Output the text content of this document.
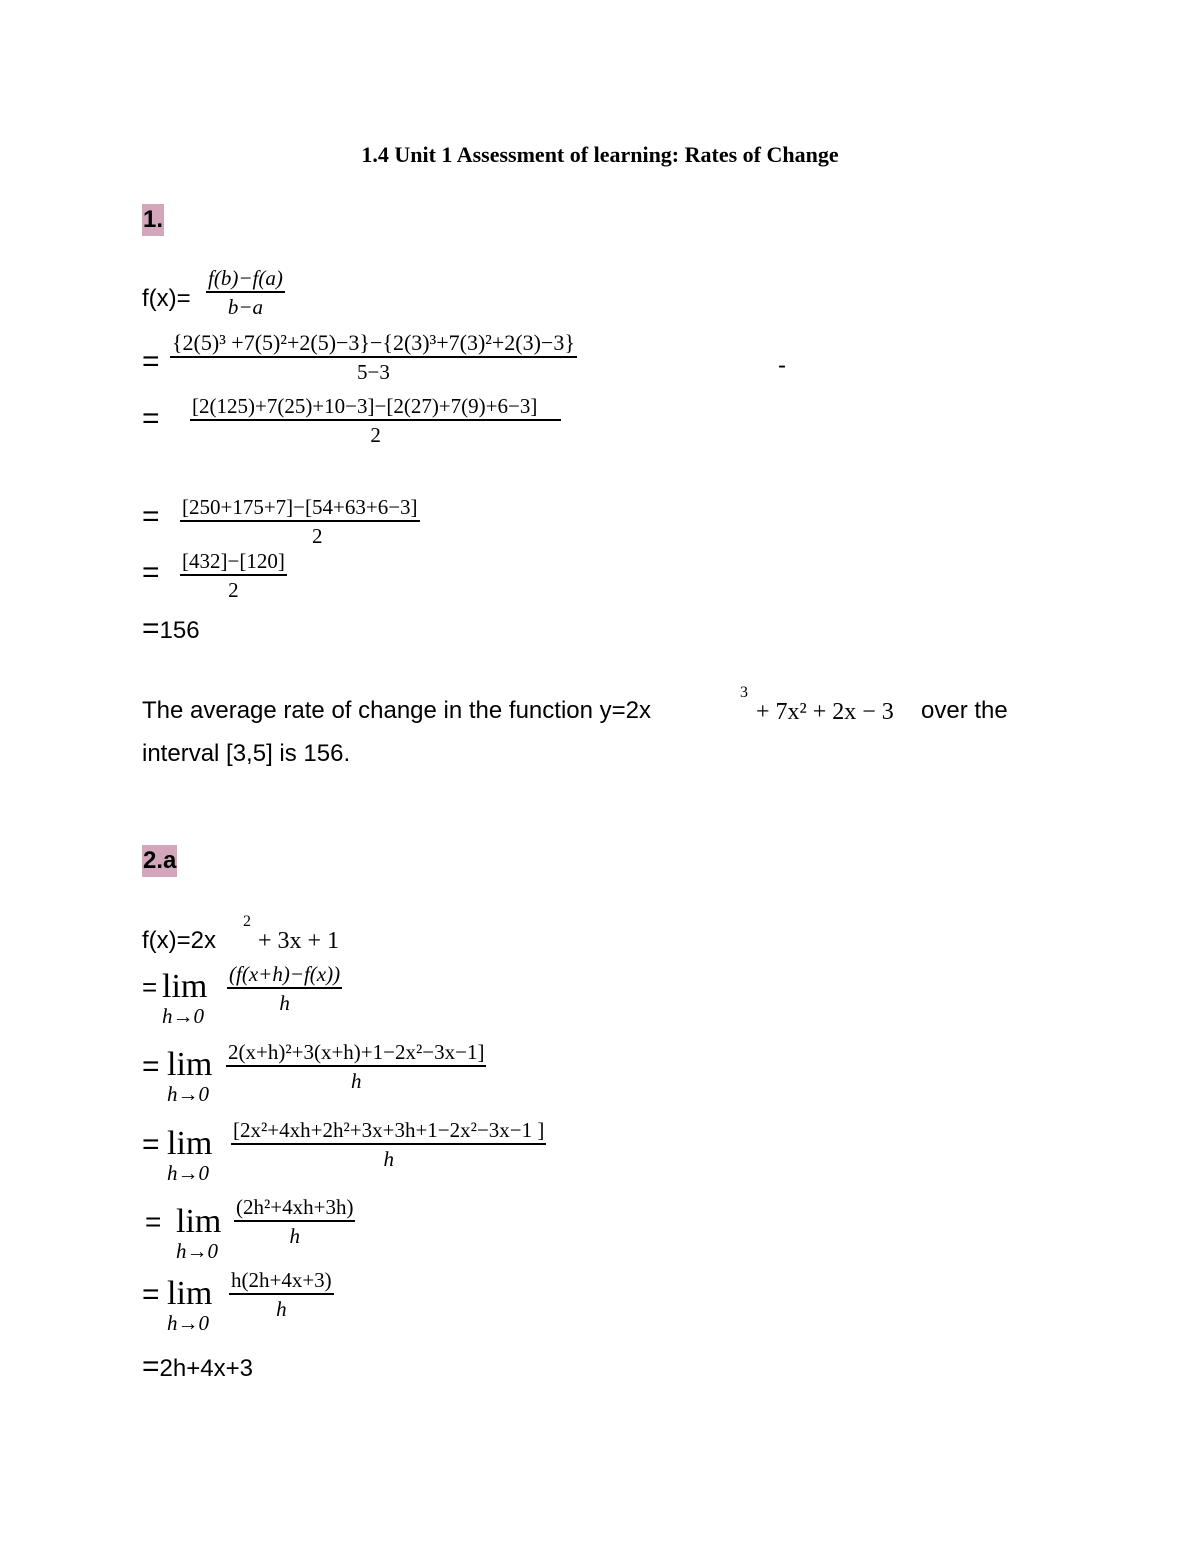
1.4 Unit 1 Assessment of learning: Rates of Change
1.
$f(x)= \frac{f(b)-f(a)}{b-a}$
= $\frac{\text{\{2(5)³ +7(5)²+2(5)−3\}−\{2(3)³+7(3)²+2(3)−3\}}}{5-3}$	-
= $\frac{[2(125)+7(25)+10-3]-[2(27)+7(9)+6-3]}{2}$
= $\frac{[250+175+7]-[54+63+6-3]}{2}$
= $\frac{[432]-[120]}{2}$
=156
The average rate of change in the function y=2x
3
+ 7x² + 2x − 3 over the
interval [3,5] is 156.
2.a
f(x)=2x
2
+ 3x + 1
= lim
$h\to 0 \frac{(f(x+h)-f(x))}{h}$
= lim
$h\to 0 \frac{\text{2(x+h)²+3(x+h)+1−2x²−3x−1]}}{h}$
= lim
h→0
$\frac{\text{[2x²+4xh+2h²+3x+3h+1−2x²−3x−1 ]}}{h}$
= lim
h→0
$\frac{\text{(2h²+4xh+3h)}}{h}$
= lim
h→0
$\frac{h(2h+4x+3)}{h}$
=2h+4x+3
